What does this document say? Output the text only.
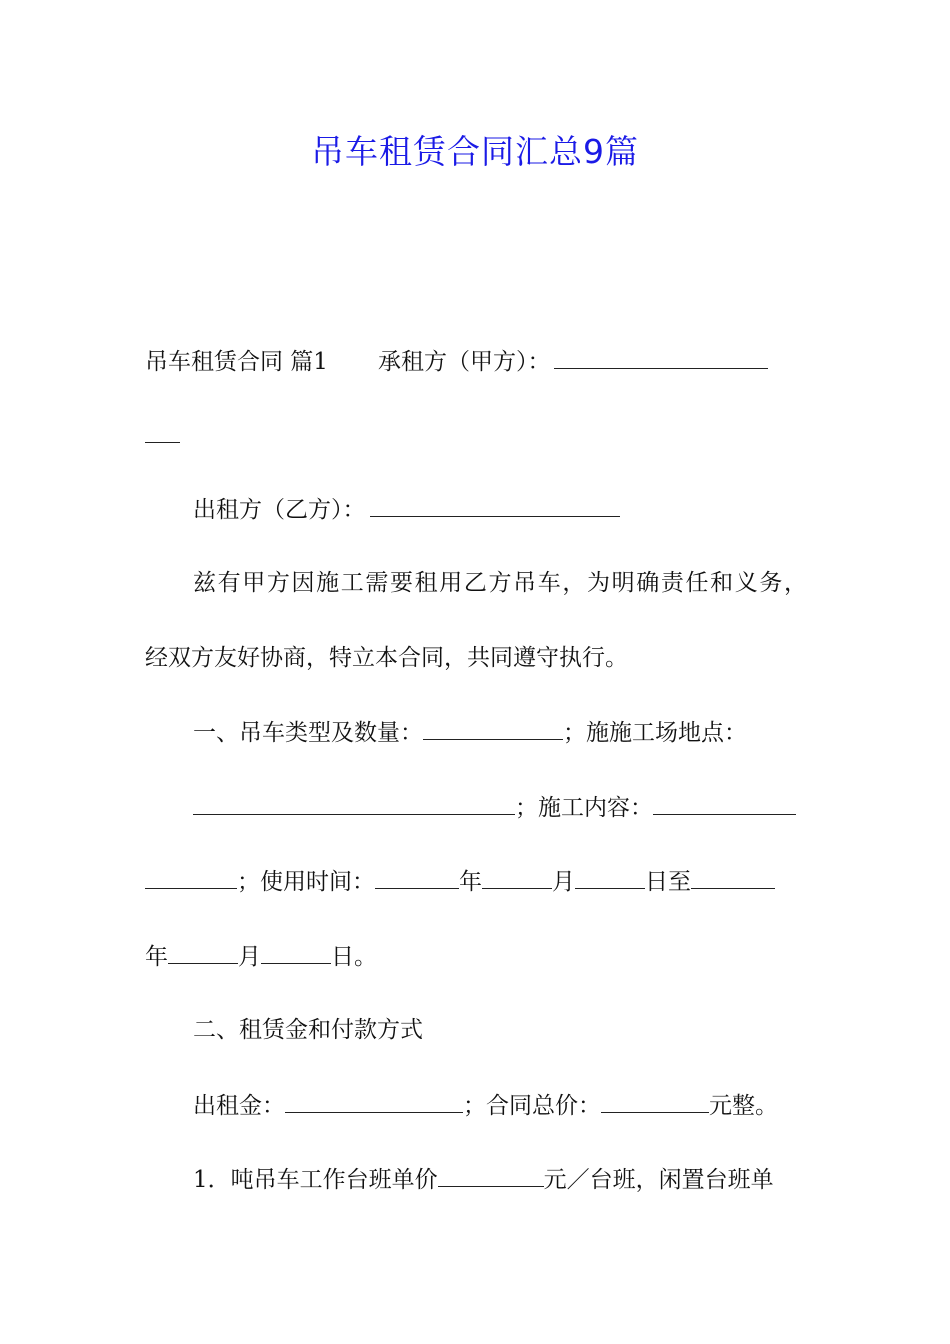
吊车租赁合同汇总9篇
吊车租赁合同 篇1 承租方（甲方）：
出租方（乙方）：
兹有甲方因施工需要租用乙方吊车，为明确责任和义务，
经双方友好协商，特立本合同，共同遵守执行。
一、吊车类型及数量：	；施施工场地点：
；施工内容：
；使用时间：	年	月	日至
年	月	日。
二、租赁金和付款方式
出租金：	；合同总价：	元整。
1．吨吊车工作台班单价	元／台班，闲置台班单
